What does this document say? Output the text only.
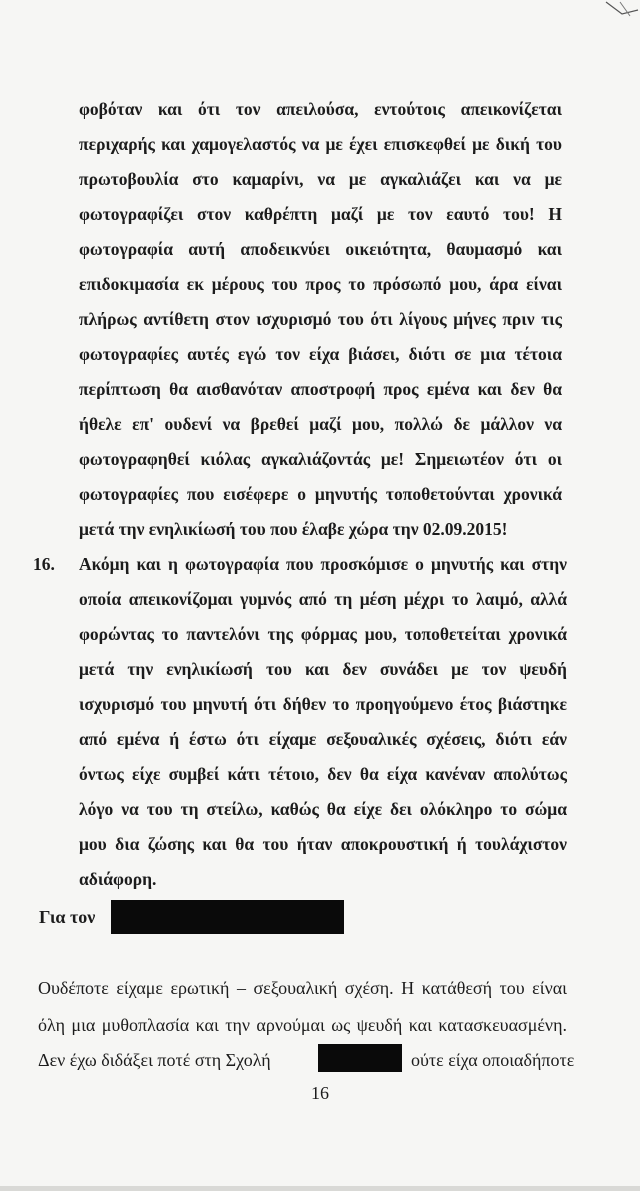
φοβόταν και ότι τον απειλούσα, εντούτοις απεικονίζεται
περιχαρής και χαμογελαστός να με έχει επισκεφθεί με δική του
πρωτοβουλία στο καμαρίνι, να με αγκαλιάζει και να με
φωτογραφίζει στον καθρέπτη μαζί με τον εαυτό του! Η
φωτογραφία αυτή αποδεικνύει οικειότητα, θαυμασμό και
επιδοκιμασία εκ μέρους του προς το πρόσωπό μου, άρα είναι
πλήρως αντίθετη στον ισχυρισμό του ότι λίγους μήνες πριν τις
φωτογραφίες αυτές εγώ τον είχα βιάσει, διότι σε μια τέτοια
περίπτωση θα αισθανόταν αποστροφή προς εμένα και δεν θα
ήθελε επ' ουδενί να βρεθεί μαζί μου, πολλώ δε μάλλον να
φωτογραφηθεί κιόλας αγκαλιάζοντάς με! Σημειωτέον ότι οι
φωτογραφίες που εισέφερε ο μηνυτής τοποθετούνται χρονικά
μετά την ενηλικίωσή του που έλαβε χώρα την 02.09.2015!
16. Ακόμη και η φωτογραφία που προσκόμισε ο μηνυτής και στην
οποία απεικονίζομαι γυμνός από τη μέση μέχρι το λαιμό, αλλά
φορώντας το παντελόνι της φόρμας μου, τοποθετείται χρονικά
μετά την ενηλικίωσή του και δεν συνάδει με τον ψευδή
ισχυρισμό του μηνυτή ότι δήθεν το προηγούμενο έτος βιάστηκε
από εμένα ή έστω ότι είχαμε σεξουαλικές σχέσεις, διότι εάν
όντως είχε συμβεί κάτι τέτοιο, δεν θα είχα κανέναν απολύτως
λόγο να του τη στείλω, καθώς θα είχε δει ολόκληρο το σώμα
μου δια ζώσης και θα του ήταν αποκρουστική ή τουλάχιστον
αδιάφορη.
Για τον
Ουδέποτε είχαμε ερωτική – σεξουαλική σχέση. Η κατάθεσή του είναι
όλη μια μυθοπλασία και την αρνούμαι ως ψευδή και κατασκευασμένη.
Δεν έχω διδάξει ποτέ στη Σχολή	ούτε είχα οποιαδήποτε
16
